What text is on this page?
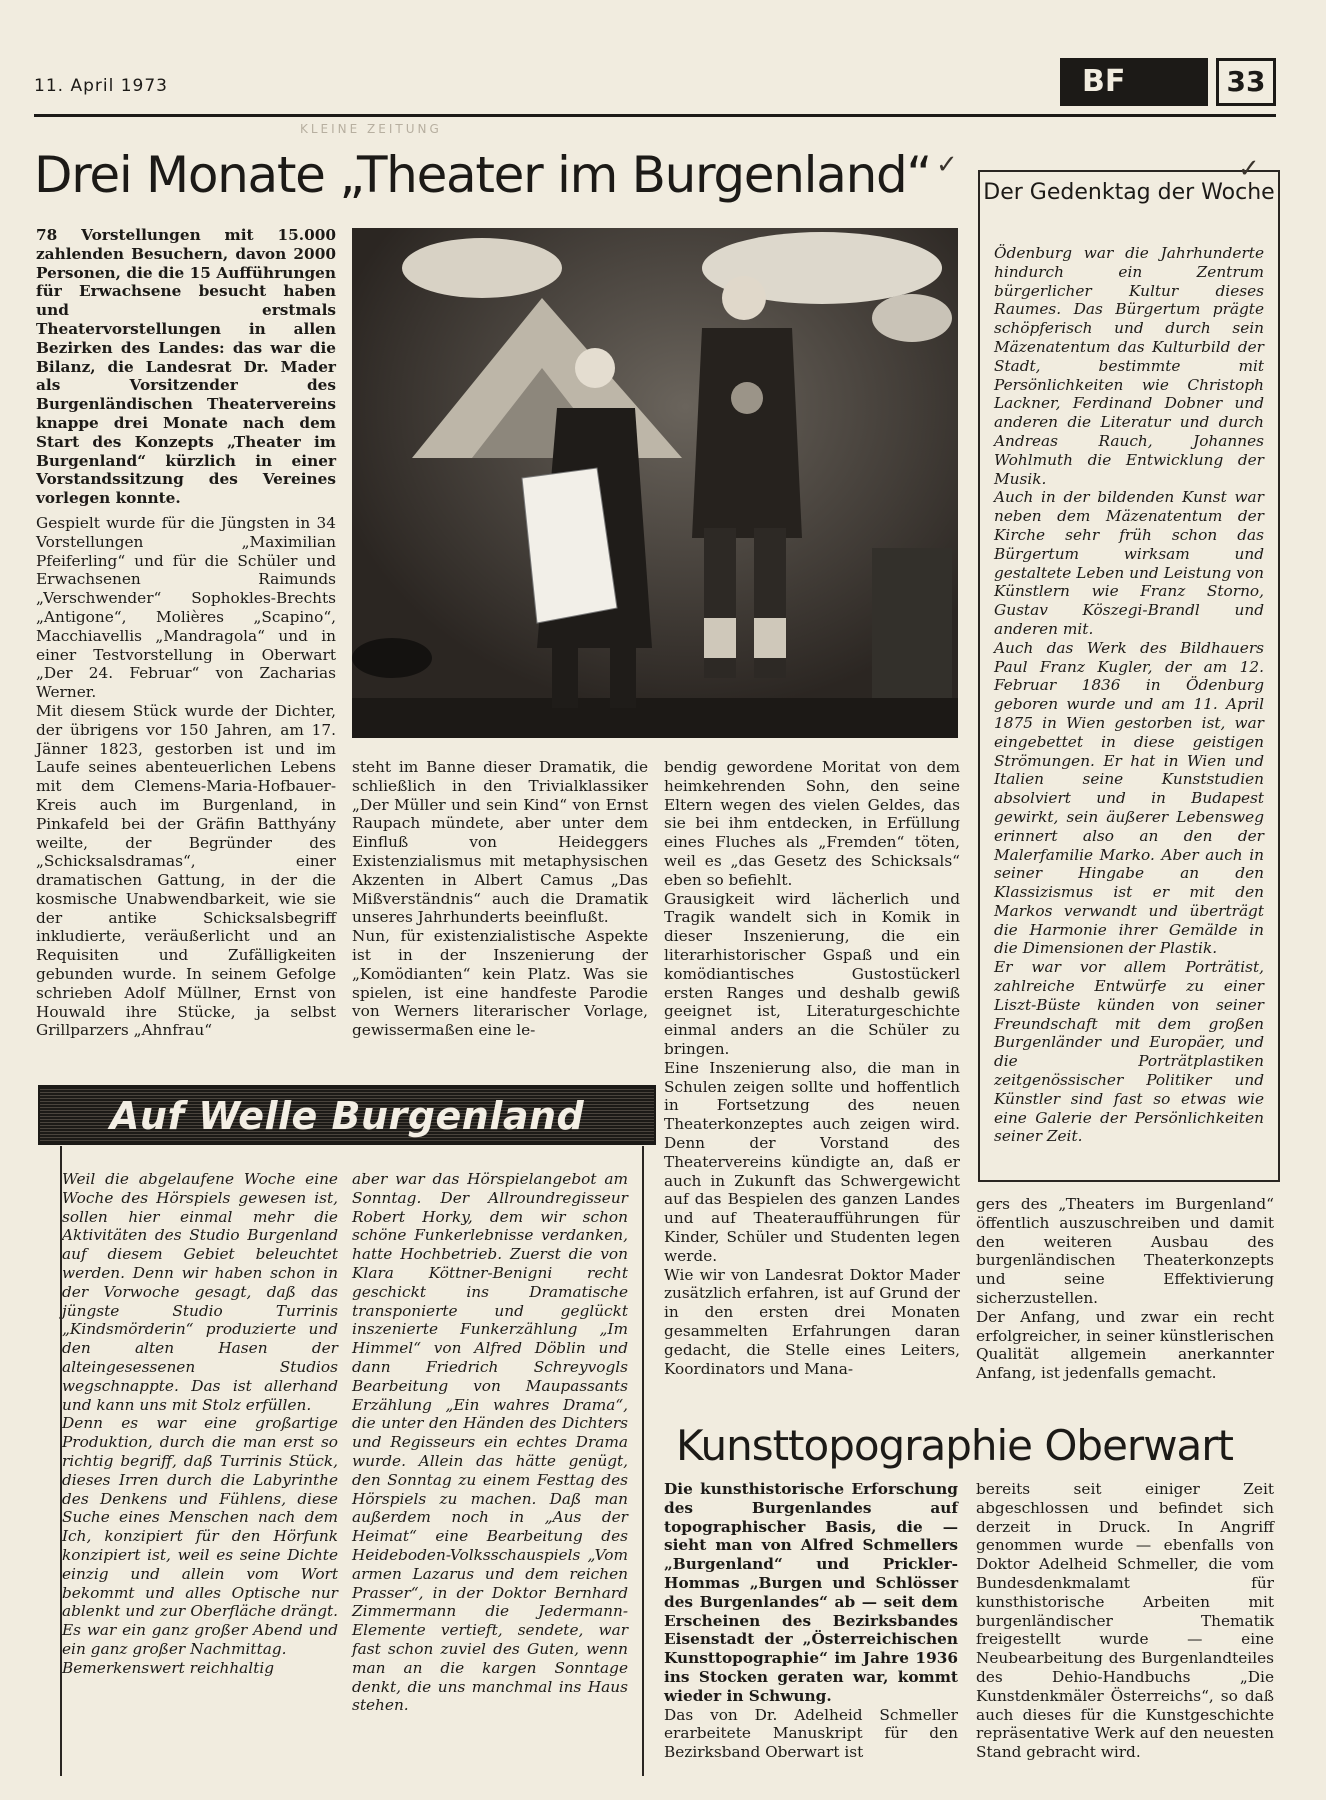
11. April 1973	BF	33
KLEINE ZEITUNG
Drei Monate „Theater im Burgenland“ ✓
78 Vorstellungen mit 15.000 zahlenden Besuchern, davon 2000 Personen, die die 15 Aufführungen für Erwachsene besucht haben und erstmals Theatervorstellungen in allen Bezirken des Landes: das war die Bilanz, die Landesrat Dr. Mader als Vorsitzender des Burgenländischen Theatervereins knappe drei Monate nach dem Start des Konzepts „Theater im Burgenland“ kürzlich in einer Vorstandssitzung des Vereines vorlegen konnte.
Gespielt wurde für die Jüngsten in 34 Vorstellungen „Maximilian Pfeiferling“ und für die Schüler und Erwachsenen Raimunds „Verschwender“ Sophokles-Brechts „Antigone“, Molières „Scapino“, Macchiavellis „Mandragola“ und in einer Testvorstellung in Oberwart „Der 24. Februar“ von Zacharias Werner.
Mit diesem Stück wurde der Dichter, der übrigens vor 150 Jahren, am 17. Jänner 1823, gestorben ist und im Laufe seines abenteuerlichen Lebens mit dem Clemens-Maria-Hofbauer-Kreis auch im Burgenland, in Pinkafeld bei der Gräfin Batthyány weilte, der Begründer des „Schicksalsdramas“, einer dramatischen Gattung, in der die kosmische Unabwendbarkeit, wie sie der antike Schicksalsbegriff inkludierte, veräußerlicht und an Requisiten und Zufälligkeiten gebunden wurde. In seinem Gefolge schrieben Adolf Müllner, Ernst von Houwald ihre Stücke, ja selbst Grillparzers „Ahnfrau“
steht im Banne dieser Dramatik, die schließlich in den Trivialklassiker „Der Müller und sein Kind“ von Ernst Raupach mündete, aber unter dem Einfluß von Heideggers Existenzialismus mit metaphysischen Akzenten in Albert Camus „Das Mißverständnis“ auch die Dramatik unseres Jahrhunderts beeinflußt.
Nun, für existenzialistische Aspekte ist in der Inszenierung der „Komödianten“ kein Platz. Was sie spielen, ist eine handfeste Parodie von Werners literarischer Vorlage, gewissermaßen eine le-
bendig gewordene Moritat von dem heimkehrenden Sohn, den seine Eltern wegen des vielen Geldes, das sie bei ihm entdecken, in Erfüllung eines Fluches als „Fremden“ töten, weil es „das Gesetz des Schicksals“ eben so befiehlt.
Grausigkeit wird lächerlich und Tragik wandelt sich in Komik in dieser Inszenierung, die ein literarhistorischer Gspaß und ein komödiantisches Gustostückerl ersten Ranges und deshalb gewiß geeignet ist, Literaturgeschichte einmal anders an die Schüler zu bringen.
Eine Inszenierung also, die man in Schulen zeigen sollte und hoffentlich in Fortsetzung des neuen Theaterkonzeptes auch zeigen wird. Denn der Vorstand des Theatervereins kündigte an, daß er auch in Zukunft das Schwergewicht auf das Bespielen des ganzen Landes und auf Theateraufführungen für Kinder, Schüler und Studenten legen werde.
Wie wir von Landesrat Doktor Mader zusätzlich erfahren, ist auf Grund der in den ersten drei Monaten gesammelten Erfahrungen daran gedacht, die Stelle eines Leiters, Koordinators und Mana-
gers des „Theaters im Burgenland“ öffentlich auszuschreiben und damit den weiteren Ausbau des burgenländischen Theaterkonzepts und seine Effektivierung sicherzustellen.
Der Anfang, und zwar ein recht erfolgreicher, in seiner künstlerischen Qualität allgemein anerkannter Anfang, ist jedenfalls gemacht.
Der Gedenktag der Woche
Ödenburg war die Jahrhunderte hindurch ein Zentrum bürgerlicher Kultur dieses Raumes. Das Bürgertum prägte schöpferisch und durch sein Mäzenatentum das Kulturbild der Stadt, bestimmte mit Persönlichkeiten wie Christoph Lackner, Ferdinand Dobner und anderen die Literatur und durch Andreas Rauch, Johannes Wohlmuth die Entwicklung der Musik.
Auch in der bildenden Kunst war neben dem Mäzenatentum der Kirche sehr früh schon das Bürgertum wirksam und gestaltete Leben und Leistung von Künstlern wie Franz Storno, Gustav Köszegi-Brandl und anderen mit.
Auch das Werk des Bildhauers Paul Franz Kugler, der am 12. Februar 1836 in Ödenburg geboren wurde und am 11. April 1875 in Wien gestorben ist, war eingebettet in diese geistigen Strömungen. Er hat in Wien und Italien seine Kunststudien absolviert und in Budapest gewirkt, sein äußerer Lebensweg erinnert also an den der Malerfamilie Marko. Aber auch in seiner Hingabe an den Klassizismus ist er mit den Markos verwandt und überträgt die Harmonie ihrer Gemälde in die Dimensionen der Plastik.
Er war vor allem Porträtist, zahlreiche Entwürfe zu einer Liszt-Büste künden von seiner Freundschaft mit dem großen Burgenländer und Europäer, und die Porträtplastiken zeitgenössischer Politiker und Künstler sind fast so etwas wie eine Galerie der Persönlichkeiten seiner Zeit.
✓
Auf Welle Burgenland
Weil die abgelaufene Woche eine Woche des Hörspiels gewesen ist, sollen hier einmal mehr die Aktivitäten des Studio Burgenland auf diesem Gebiet beleuchtet werden. Denn wir haben schon in der Vorwoche gesagt, daß das jüngste Studio Turrinis „Kindsmörderin“ produzierte und den alten Hasen der alteingesessenen Studios wegschnappte. Das ist allerhand und kann uns mit Stolz erfüllen.
Denn es war eine großartige Produktion, durch die man erst so richtig begriff, daß Turrinis Stück, dieses Irren durch die Labyrinthe des Denkens und Fühlens, diese Suche eines Menschen nach dem Ich, konzipiert für den Hörfunk konzipiert ist, weil es seine Dichte einzig und allein vom Wort bekommt und alles Optische nur ablenkt und zur Oberfläche drängt. Es war ein ganz großer Abend und ein ganz großer Nachmittag.
Bemerkenswert reichhaltig
aber war das Hörspielangebot am Sonntag. Der Allroundregisseur Robert Horky, dem wir schon schöne Funkerlebnisse verdanken, hatte Hochbetrieb. Zuerst die von Klara Köttner-Benigni recht geschickt ins Dramatische transponierte und geglückt inszenierte Funkerzählung „Im Himmel“ von Alfred Döblin und dann Friedrich Schreyvogls Bearbeitung von Maupassants Erzählung „Ein wahres Drama“, die unter den Händen des Dichters und Regisseurs ein echtes Drama wurde. Allein das hätte genügt, den Sonntag zu einem Festtag des Hörspiels zu machen. Daß man außerdem noch in „Aus der Heimat“ eine Bearbeitung des Heideboden-Volksschauspiels „Vom armen Lazarus und dem reichen Prasser“, in der Doktor Bernhard Zimmermann die Jedermann-Elemente vertieft, sendete, war fast schon zuviel des Guten, wenn man an die kargen Sonntage denkt, die uns manchmal ins Haus stehen.
Kunsttopographie Oberwart
Die kunsthistorische Erforschung des Burgenlandes auf topographischer Basis, die — sieht man von Alfred Schmellers „Burgenland“ und Prickler-Hommas „Burgen und Schlösser des Burgenlandes“ ab — seit dem Erscheinen des Bezirksbandes Eisenstadt der „Österreichischen Kunsttopographie“ im Jahre 1936 ins Stocken geraten war, kommt wieder in Schwung.
Das von Dr. Adelheid Schmeller erarbeitete Manuskript für den Bezirksband Oberwart ist
bereits seit einiger Zeit abgeschlossen und befindet sich derzeit in Druck. In Angriff genommen wurde — ebenfalls von Doktor Adelheid Schmeller, die vom Bundesdenkmalamt für kunsthistorische Arbeiten mit burgenländischer Thematik freigestellt wurde — eine Neubearbeitung des Burgenlandteiles des Dehio-Handbuchs „Die Kunstdenkmäler Österreichs“, so daß auch dieses für die Kunstgeschichte repräsentative Werk auf den neuesten Stand gebracht wird.
